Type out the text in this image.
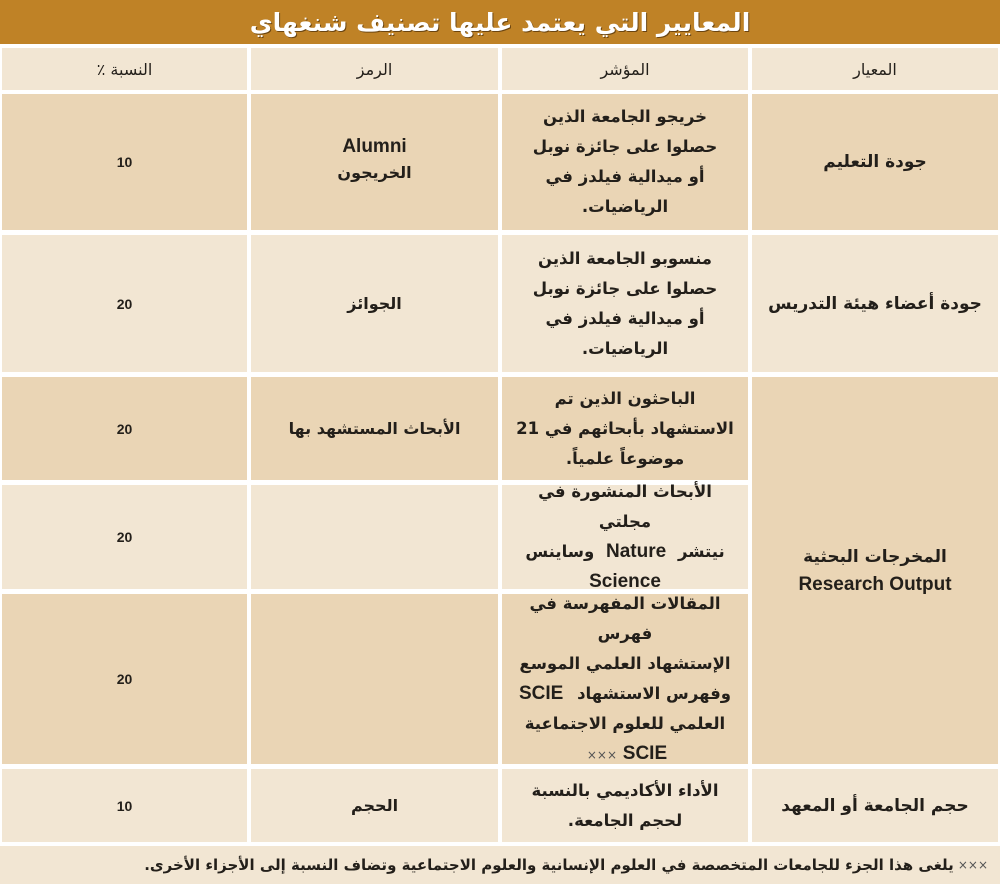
المعايير التي يعتمد عليها تصنيف شنغهاي
المعيار
المؤشر
الرمز
النسبة ٪
جودة التعليم
خريجو الجامعة الذين
حصلوا على جائزة نوبل
أو ميدالية فيلدز في
الرياضيات.
Alumni
الخريجون
10
جودة أعضاء هيئة التدريس
منسوبو الجامعة الذين
حصلوا على جائزة نوبل
أو ميدالية فيلدز في
الرياضيات.
الجوائز
20
المخرجات البحثية
Research Output
الباحثون الذين تم
الاستشهاد بأبحاثهم في 21
موضوعاً علمياً.
الأبحاث المستشهد بها
20
الأبحاث المنشورة في مجلتي
نيتشر Nature وساينس
Science
20
المقالات المفهرسة في فهرس
الإستشهاد العلمي الموسع
وفهرس الاستشهاد SCIE
العلمي للعلوم الاجتماعية
SCIE ×××
20
حجم الجامعة أو المعهد
الأداء الأكاديمي بالنسبة
لحجم الجامعة.
الحجم
10
×××
يلغى هذا الجزء للجامعات المتخصصة في العلوم الإنسانية والعلوم الاجتماعية وتضاف النسبة إلى الأجزاء الأخرى.
